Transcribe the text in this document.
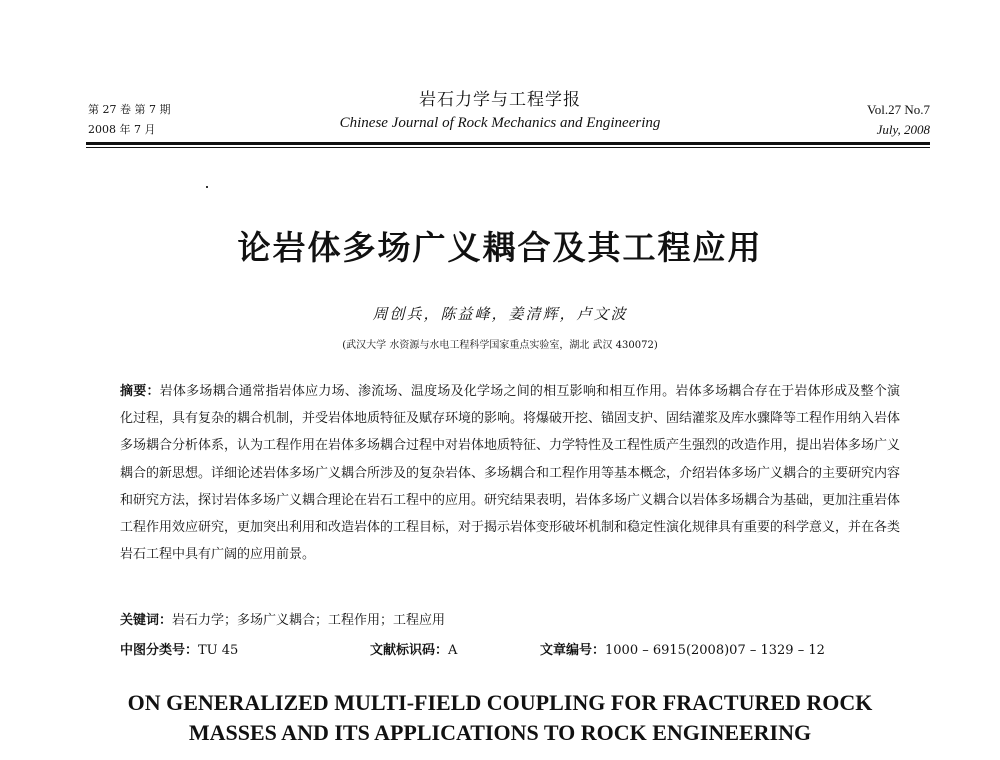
第 27 卷 第 7 期
2008 年 7 月
岩石力学与工程学报
Chinese Journal of Rock Mechanics and Engineering
Vol.27 No.7
July, 2008
论岩体多场广义耦合及其工程应用
周创兵，陈益峰，姜清辉，卢文波
(武汉大学 水资源与水电工程科学国家重点实验室，湖北 武汉 430072)
摘要：岩体多场耦合通常指岩体应力场、渗流场、温度场及化学场之间的相互影响和相互作用。岩体多场耦合存在于岩体形成及整个演化过程，具有复杂的耦合机制，并受岩体地质特征及赋存环境的影响。将爆破开挖、锚固支护、固结灌浆及库水骤降等工程作用纳入岩体多场耦合分析体系，认为工程作用在岩体多场耦合过程中对岩体地质特征、力学特性及工程性质产生强烈的改造作用，提出岩体多场广义耦合的新思想。详细论述岩体多场广义耦合所涉及的复杂岩体、多场耦合和工程作用等基本概念，介绍岩体多场广义耦合的主要研究内容和研究方法，探讨岩体多场广义耦合理论在岩石工程中的应用。研究结果表明，岩体多场广义耦合以岩体多场耦合为基础，更加注重岩体工程作用效应研究，更加突出利用和改造岩体的工程目标，对于揭示岩体变形破坏机制和稳定性演化规律具有重要的科学意义，并在各类岩石工程中具有广阔的应用前景。
关键词：岩石力学；多场广义耦合；工程作用；工程应用
中图分类号：TU 45	文献标识码：A	文章编号：1000 – 6915(2008)07 – 1329 – 12
ON GENERALIZED MULTI-FIELD COUPLING FOR FRACTURED ROCK
MASSES AND ITS APPLICATIONS TO ROCK ENGINEERING
